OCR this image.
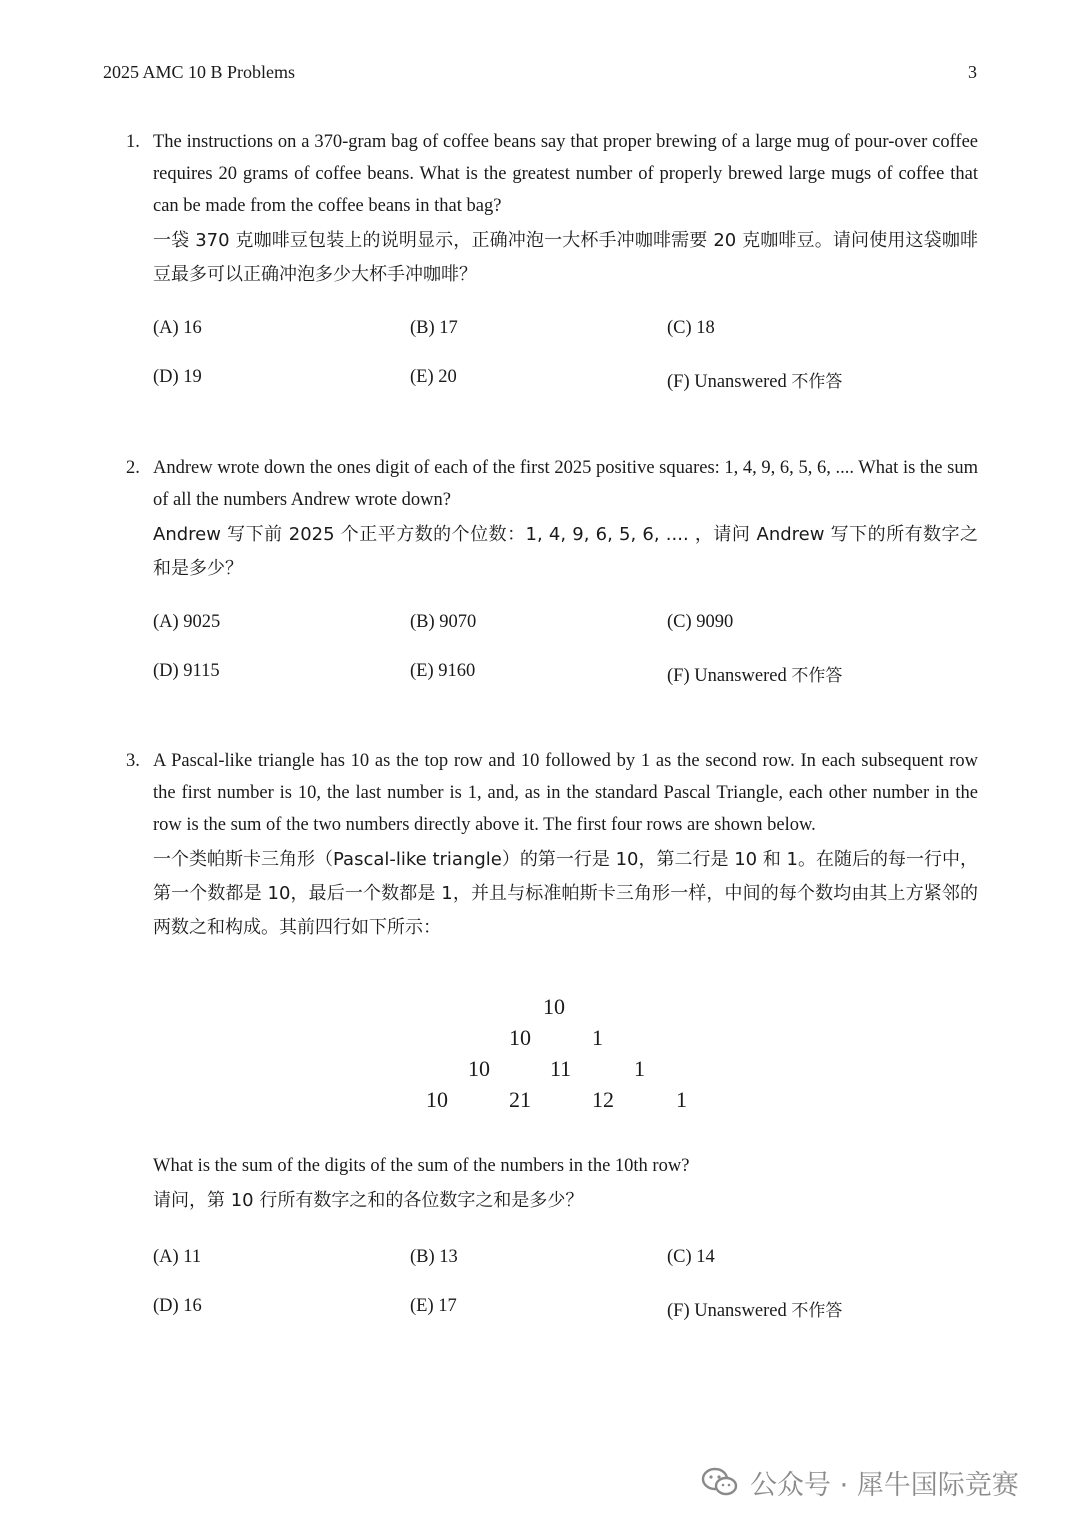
2025 AMC 10 B Problems	3
1. The instructions on a 370-gram bag of coffee beans say that proper brewing of a large mug of pour-over coffee requires 20 grams of coffee beans. What is the greatest number of properly brewed large mugs of coffee that can be made from the coffee beans in that bag?
一袋 370 克咖啡豆包装上的说明显示，正确冲泡一大杯手冲咖啡需要 20 克咖啡豆。请问使用这袋咖啡豆最多可以正确冲泡多少大杯手冲咖啡？
(A) 16	(B) 17	(C) 18
(D) 19	(E) 20	(F) Unanswered 不作答
2. Andrew wrote down the ones digit of each of the first 2025 positive squares: 1, 4, 9, 6, 5, 6, .... What is the sum of all the numbers Andrew wrote down?
Andrew 写下前 2025 个正平方数的个位数：1, 4, 9, 6, 5, 6, .... ，请问 Andrew 写下的所有数字之和是多少？
(A) 9025	(B) 9070	(C) 9090
(D) 9115	(E) 9160	(F) Unanswered 不作答
3. A Pascal-like triangle has 10 as the top row and 10 followed by 1 as the second row. In each subsequent row the first number is 10, the last number is 1, and, as in the standard Pascal Triangle, each other number in the row is the sum of the two numbers directly above it. The first four rows are shown below.
一个类帕斯卡三角形（Pascal-like triangle）的第一行是 10，第二行是 10 和 1。在随后的每一行中，第一个数都是 10，最后一个数都是 1，并且与标准帕斯卡三角形一样，中间的每个数均由其上方紧邻的两数之和构成。其前四行如下所示：
10
10	1
10	11	1
10	21	12	1
What is the sum of the digits of the sum of the numbers in the 10th row?
请问，第 10 行所有数字之和的各位数字之和是多少？
(A) 11	(B) 13	(C) 14
(D) 16	(E) 17	(F) Unanswered 不作答
公众号 · 犀牛国际竞赛
